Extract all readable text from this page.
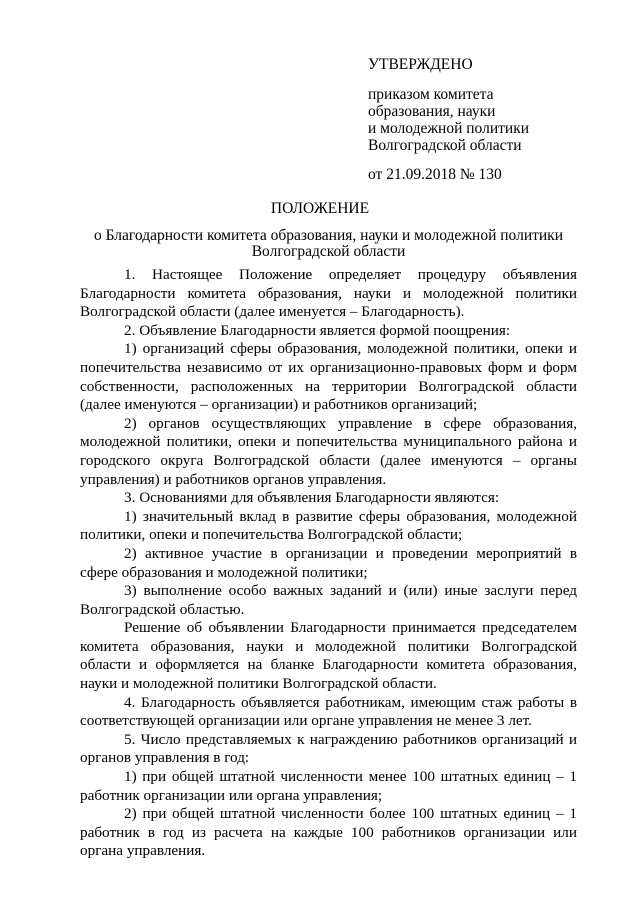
УТВЕРЖДЕНО

приказом комитета

образования, науки

и молодежной политики

Волгоградской области

от 21.09.2018 № 130

ПОЛОЖЕНИЕ

о Благодарности комитета образования, науки и молодежной политики
Волгоградской области

1. Настоящее Положение определяет процедуру объявления Благодарности комитета образования, науки и молодежной политики Волгоградской области (далее именуется – Благодарность).

2. Объявление Благодарности является формой поощрения:

1) организаций сферы образования, молодежной политики, опеки и попечительства независимо от их организационно-правовых форм и форм собственности, расположенных на территории Волгоградской области (далее именуются – организации) и работников организаций;

2) органов осуществляющих управление в сфере образования, молодежной политики, опеки и попечительства муниципального района и городского округа Волгоградской области (далее именуются – органы управления) и работников органов управления.

3. Основаниями для объявления Благодарности являются:

1) значительный вклад в развитие сферы образования, молодежной политики, опеки и попечительства Волгоградской области;

2) активное участие в организации и проведении мероприятий в сфере образования и молодежной политики;

3) выполнение особо важных заданий и (или) иные заслуги перед Волгоградской областью.

Решение об объявлении Благодарности принимается председателем комитета образования, науки и молодежной политики Волгоградской области и оформляется на бланке Благодарности комитета образования, науки и молодежной политики Волгоградской области.

4. Благодарность объявляется работникам, имеющим стаж работы в соответствующей организации или органе управления не менее 3 лет.

5. Число представляемых к награждению работников организаций и органов управления в год:

1) при общей штатной численности менее 100 штатных единиц – 1 работник организации или органа управления;

2) при общей штатной численности более 100 штатных единиц – 1 работник в год из расчета на каждые 100 работников организации или органа управления.
